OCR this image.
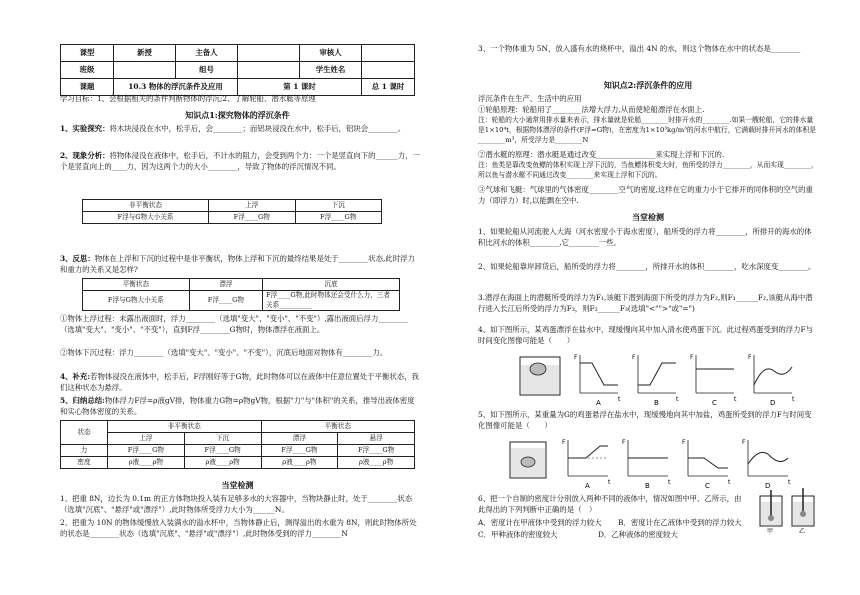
课型	新授	主备人		审核人	
班级		组号		学生姓名	
课题	10.3 物体的浮沉条件及应用		第 1 课时		总 1 课时
学习目标：1、会根据相关的条件判断物体的浮沉;2、了解轮船、潜水艇等原理
知识点1:探究物体的浮沉条件
1、实验探究：将木块浸没在水中，松手后，会________；而铝块浸没在水中，松手后，铝块会________。
2、现象分析：将物体浸没在液体中，松手后，不计水的阻力，会受到两个力：一个是竖直向下的______力，一个是竖直向上的____力，因为这两个力的大小________，导致了物体的浮沉情况不同。
非平衡状态	上浮	下沉
F浮与G物大小关系	F浮____G物	F浮____G物
3、反思：物体在上浮和下沉的过程中是非平衡状，物体上浮和下沉的最终结果是处于________状态,此时浮力和重力的关系又是怎样?
平衡状态	漂浮	沉底
F浮与G物大小关系	F浮____G物	F浮____G物,此时物体还会受什么力，三者关系__________
①物体上浮过程：未露出液面时，浮力________（选填"变大"、"变小"、"不变"）,露出液面后浮力________（选填"变大"、"变小"、"不变"），直到F浮________G物时，物体漂浮在液面上。
②物体下沉过程：浮力________（选填"变大"、"变小"、"不变"），沉底后地面对物体有________力。
4、补充:若物体浸没在液体中，松手后，F浮刚好等于G物，此时物体可以在液体中任意位置处于平衡状态，我们这种状态为悬浮。
5、归纳总结:物体浮力F浮=ρ液gV排，物体重力G物=ρ物gV物，根据"力"与"体积"的关系，推导出液体密度和实心物体密度的关系。
状态	非平衡状态		平衡状态	
	上浮	下沉	漂浮	悬浮
力	F浮____G物	F浮____G物	F浮____G物	F浮____G物
密度	ρ液____ρ物	ρ液____ρ物	ρ液____ρ物	ρ液____ρ物
当堂检测
1、把重 8N，边长为 0.1m 的正方体物块投入装有足够多水的大容器中，当物块静止时，处于________状态（选填"沉底"、"悬浮"或"漂浮"）,此时物体所受浮力大小为______N。
2、把重为 10N 的物体缓慢放入装满水的溢水杯中，当物体静止后，测得溢出的水重为 8N，则此时物体所处的状态是________状态（选填"沉底"、"悬浮"或"漂浮"）,此时物体受到的浮力________N
3、一个物体重为 5N，放入盛有水的烧杯中，溢出 4N 的水，则这个物体在水中的状态是________
知识点2:浮沉条件的应用
浮沉条件在生产、生活中的应用
①轮船原理：轮船用了________法增大浮力,从而使轮船漂浮在水面上.
注：轮船的大小通常用排水量来表示，排水量就是轮船________时排开水的________.如果一艘轮船，它的排水量是1×10⁴t，根据物体漂浮的条件(F浮=G物)，在密度为1×10³kg/m³的河水中航行，它满载时排开河水的体积是________m³，所受浮力是________N
②潜水艇的原理：潜水艇是通过改变________________来实现上浮和下沉的.
注：鱼类是靠改变鱼鳔的体积实现上浮下沉的，当鱼鳔体积变大时，鱼所受的浮力________，从而实现________，所以鱼与潜水艇不同通过改变________来实现上浮和下沉的。
③气球和飞艇：气球里的气体密度________空气的密度,这样在它的重力小于它排开的同体积的空气的重力（即浮力）时,以能飘在空中.
当堂检测
1、如果轮船从河流驶入大海（河水密度小于海水密度），船所受的浮力将________，所排开的海水的体积比河水的体积________,它________一些。
2、如果轮船靠岸卸货后，船所受的浮力将________，所排开水的体积________，吃水深度变________。
3.潜浮在海面上的潜艇所受的浮力为F₁,该艇下潜到海面下所受的浮力为F₂,则F₁______F₂,该艇从海中潜行进入长江后所受的浮力为F₃，则F₂______F₃(选填"<"">"或"=")
4、如下图所示，某鸡蛋漂浮在盐水中，现缓慢向其中加入清水使鸡蛋下沉。此过程鸡蛋受到的浮力F与时间变化图像可能是（　　）
F
t
A
F
t
B
F
t
C
F
t
D
5、如下图所示，某重量为G的鸡蛋悬浮在盐水中，现缓慢地向其中加盐，鸡蛋所受到的浮力F与时间变化图像可能是（　　）
F
t
A
F
t
B
F
t
C
F
t
D
6、把一个自制的密度计分别放入两种不同的液体中，情况如图中甲、乙所示，由此得出的下列判断中正确的是（　）
A．密度计在甲液体中受到的浮力较大	B．密度计在乙液体中受到的浮力较大
C．甲种液体的密度较大	D．乙种液体的密度较大	甲	乙
